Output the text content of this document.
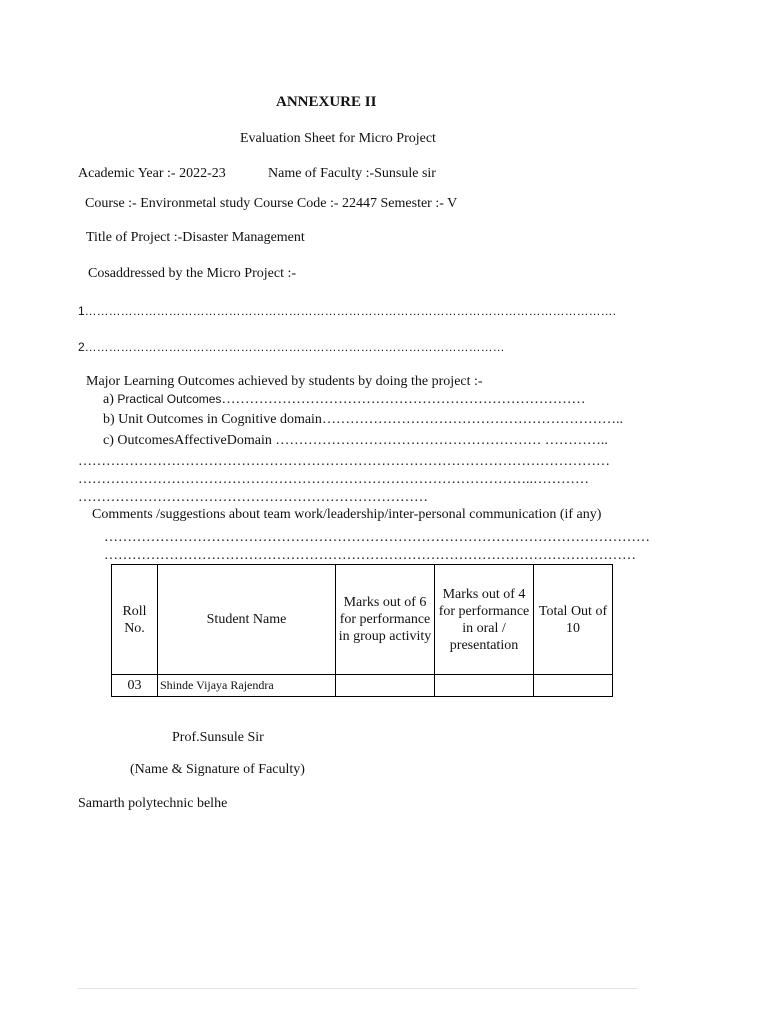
ANNEXURE II
Evaluation Sheet for Micro Project
Academic Year :- 2022-23	Name of Faculty :-Sunsule sir
Course :- Environmetal study Course Code :- 22447 Semester :- V
Title of Project :-Disaster Management
Cosaddressed by the Micro Project :-
1…………………………………………………………………………………………………………………….
2……………………………………………………………………………………………
Major Learning Outcomes achieved by students by doing the project :-
a) Practical Outcomes……………………………………………………………………
b) Unit Outcomes in Cognitive domain………………………………………………………..
c) OutcomesAffectiveDomain ………………………………………………… …………..
……………………………………………………………………………………………………
……………………………………………………………………………………..…………
…………………………………………………………………
Comments /suggestions about team work/leadership/inter-personal communication (if any)
………………………………………………………………………………………………………
……………………………………………………………………………………………………
Roll No.	Student Name	Marks out of 6 for performance in group activity	Marks out of 4 for performance in oral / presentation	Total Out of 10
03	Shinde Vijaya Rajendra			
Prof.Sunsule Sir
(Name & Signature of Faculty)
Samarth polytechnic belhe
